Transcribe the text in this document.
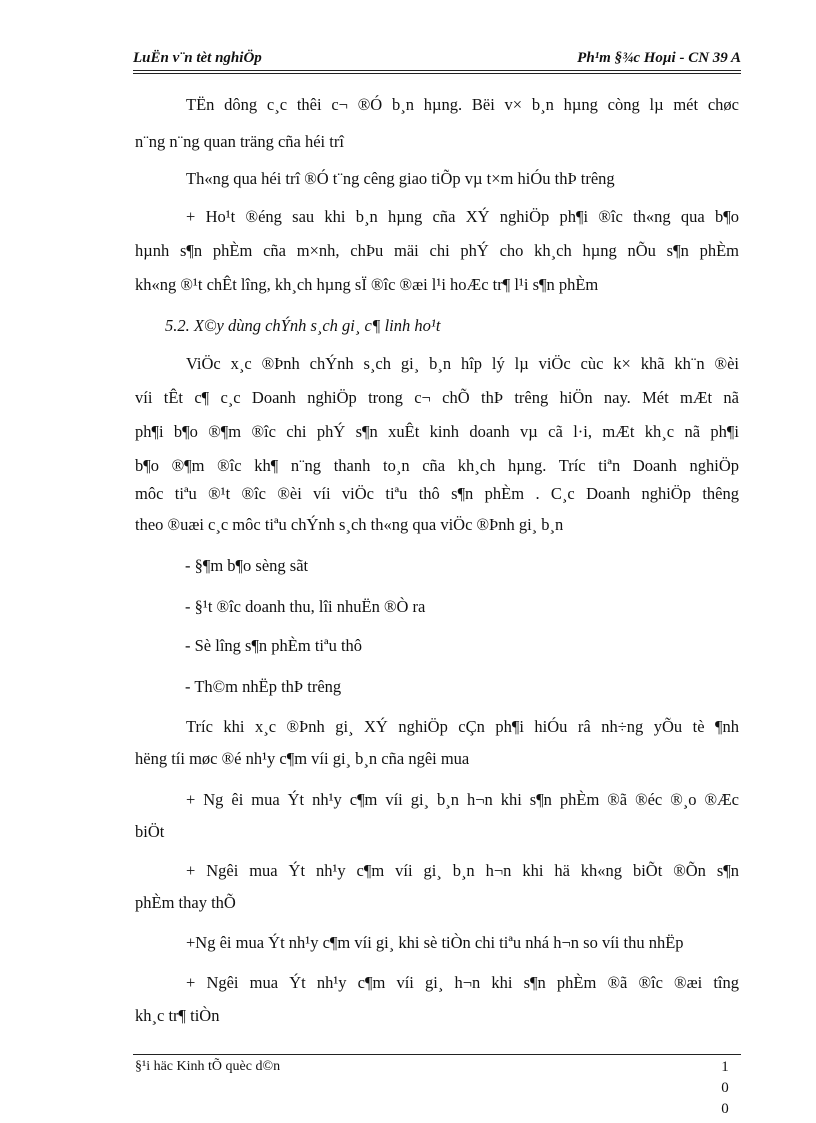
LuËn v¨n tèt nghiÖp	Ph¹m §¾c Hoµi - CN 39 A
TËn dông c¸c thêi c¬ ®Ó b¸n hµng. Bëi v× b¸n hµng còng lµ mét chøc
n¨ng n¨ng quan träng cña héi trî
Th«ng qua héi trî ®Ó t¨ng cêng giao tiÕp vµ t×m hiÓu thÞ trêng
+ Ho¹t ®éng sau khi b¸n hµng cña XÝ nghiÖp ph¶i ®îc th«ng qua b¶o
hµnh s¶n phÈm cña m×nh, chÞu mäi chi phÝ cho kh¸ch hµng nÕu s¶n phÈm
kh«ng ®¹t chÊt lîng, kh¸ch hµng sÏ ®îc ®æi l¹i hoÆc tr¶ l¹i s¶n phÈm
5.2. X©y dùng chÝnh s¸ch gi¸ c¶ linh ho¹t
ViÖc x¸c ®Þnh chÝnh s¸ch gi¸ b¸n hîp lý lµ viÖc cùc k× khã kh¨n ®èi
víi tÊt c¶ c¸c Doanh nghiÖp trong c¬ chÕ thÞ trêng hiÖn nay. Mét mÆt nã
ph¶i b¶o ®¶m ®îc chi phÝ s¶n xuÊt kinh doanh vµ cã l·i, mÆt kh¸c nã ph¶i
b¶o ®¶m ®îc kh¶ n¨ng thanh to¸n cña kh¸ch hµng. Tríc tiªn Doanh nghiÖp
môc tiªu ®¹t ®îc ®èi víi viÖc tiªu thô s¶n phÈm . C¸c Doanh nghiÖp thêng
theo ®uæi c¸c môc tiªu chÝnh s¸ch th«ng qua viÖc ®Þnh gi¸ b¸n
- §¶m b¶o sèng sãt
- §¹t ®îc doanh thu, lîi nhuËn ®Ò ra
- Sè lîng s¶n phÈm tiªu thô
- Th©m nhËp thÞ trêng
Tríc khi x¸c ®Þnh gi¸ XÝ nghiÖp cÇn ph¶i hiÓu râ nh÷ng yÕu tè ¶nh
hëng tíi møc ®é nh¹y c¶m víi gi¸ b¸n cña ngêi mua
+ Ng êi mua Ýt nh¹y c¶m víi gi¸ b¸n h¬n khi s¶n phÈm ®ã ®éc ®¸o ®Æc
biÖt
+ Ngêi mua Ýt nh¹y c¶m víi gi¸ b¸n h¬n khi hä kh«ng biÕt ®Õn s¶n
phÈm thay thÕ
+Ng êi mua Ýt nh¹y c¶m víi gi¸ khi sè tiÒn chi tiªu nhá h¬n so víi thu nhËp
+ Ngêi mua Ýt nh¹y c¶m víi gi¸ h¬n khi s¶n phÈm ®ã ®îc ®æi tîng
kh¸c tr¶ tiÒn
§¹i häc Kinh tÕ quèc d©n	1
0
0
